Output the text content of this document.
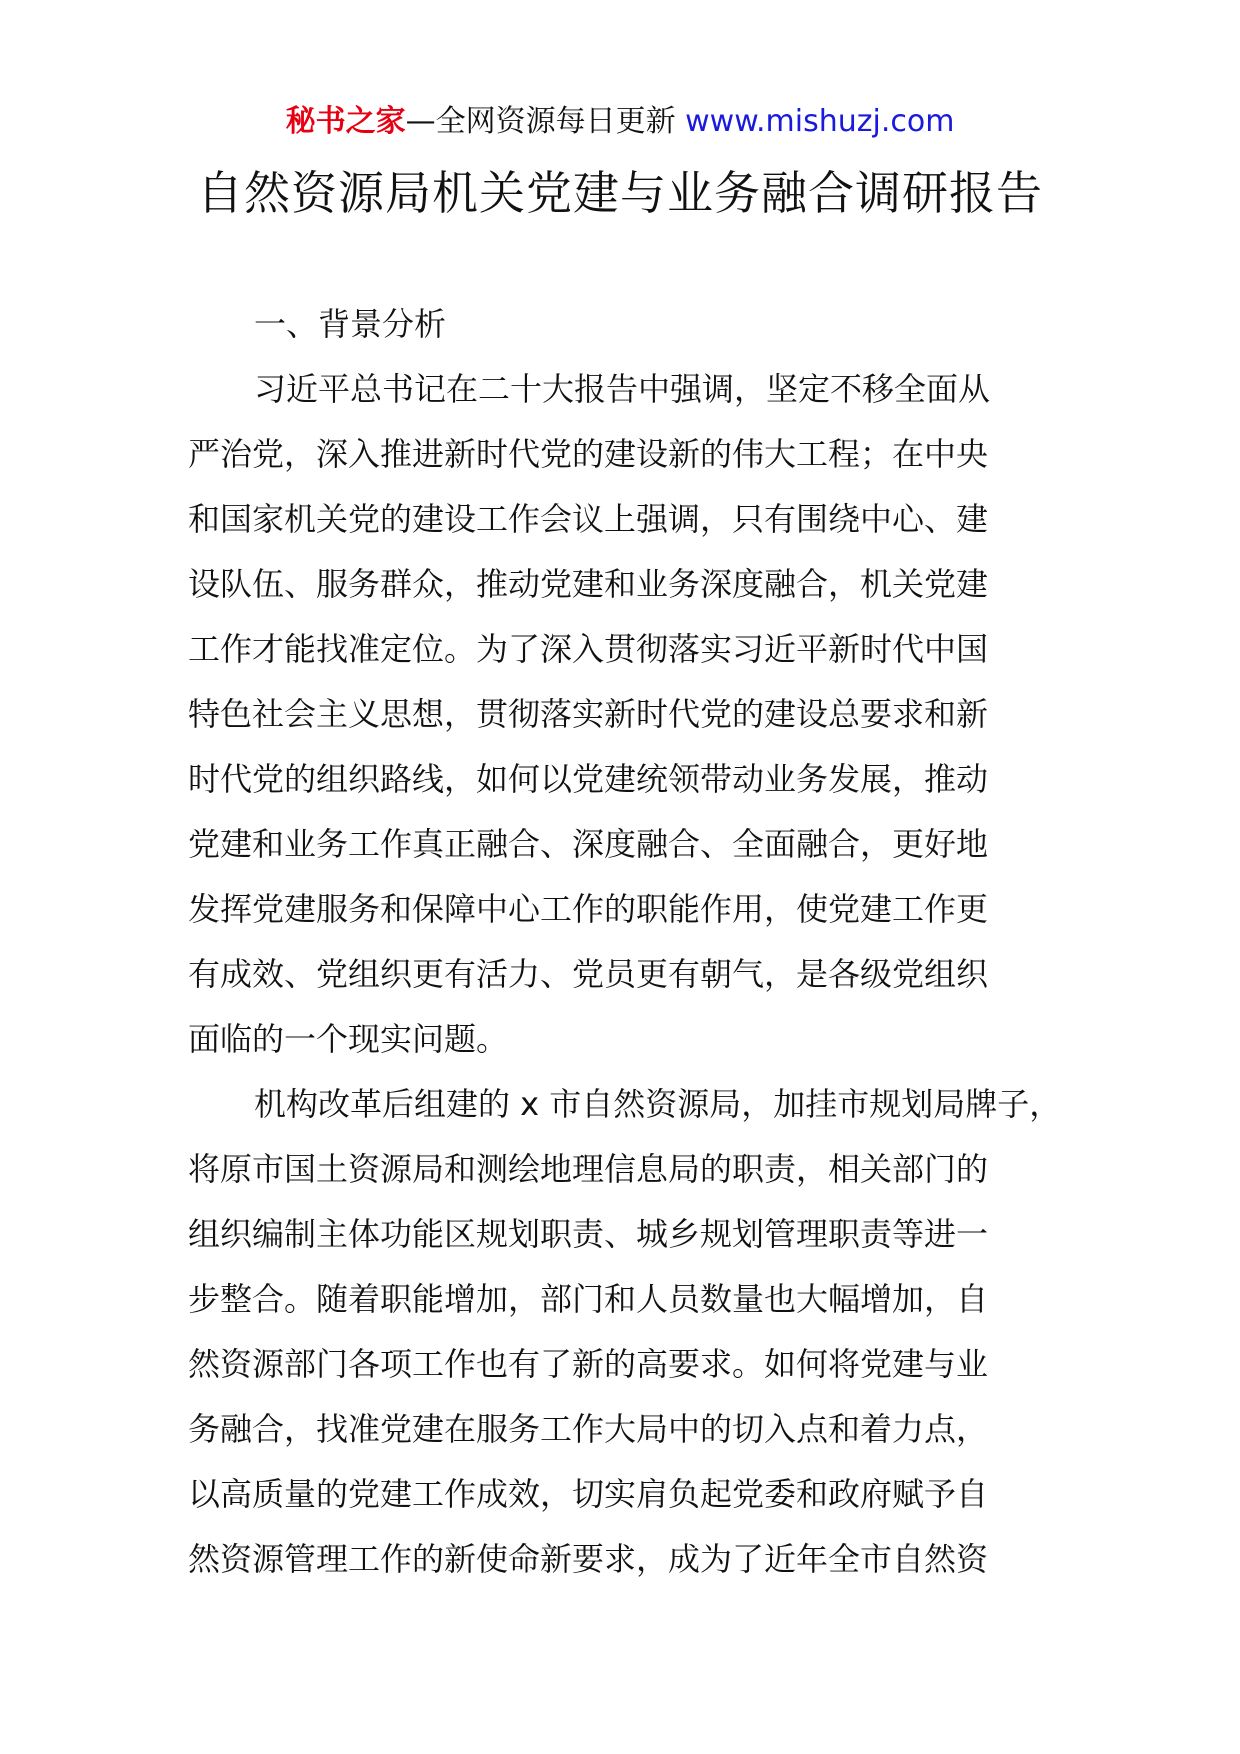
秘书之家—全网资源每日更新 www.mishuzj.com
自然资源局机关党建与业务融合调研报告
一、背景分析
习近平总书记在二十大报告中强调，坚定不移全面从
严治党，深入推进新时代党的建设新的伟大工程；在中央
和国家机关党的建设工作会议上强调，只有围绕中心、建
设队伍、服务群众，推动党建和业务深度融合，机关党建
工作才能找准定位。为了深入贯彻落实习近平新时代中国
特色社会主义思想，贯彻落实新时代党的建设总要求和新
时代党的组织路线，如何以党建统领带动业务发展，推动
党建和业务工作真正融合、深度融合、全面融合，更好地
发挥党建服务和保障中心工作的职能作用，使党建工作更
有成效、党组织更有活力、党员更有朝气，是各级党组织
面临的一个现实问题。
机构改革后组建的 x 市自然资源局，加挂市规划局牌子，
将原市国土资源局和测绘地理信息局的职责，相关部门的
组织编制主体功能区规划职责、城乡规划管理职责等进一
步整合。随着职能增加，部门和人员数量也大幅增加，自
然资源部门各项工作也有了新的高要求。如何将党建与业
务融合，找准党建在服务工作大局中的切入点和着力点，
以高质量的党建工作成效，切实肩负起党委和政府赋予自
然资源管理工作的新使命新要求，成为了近年全市自然资
